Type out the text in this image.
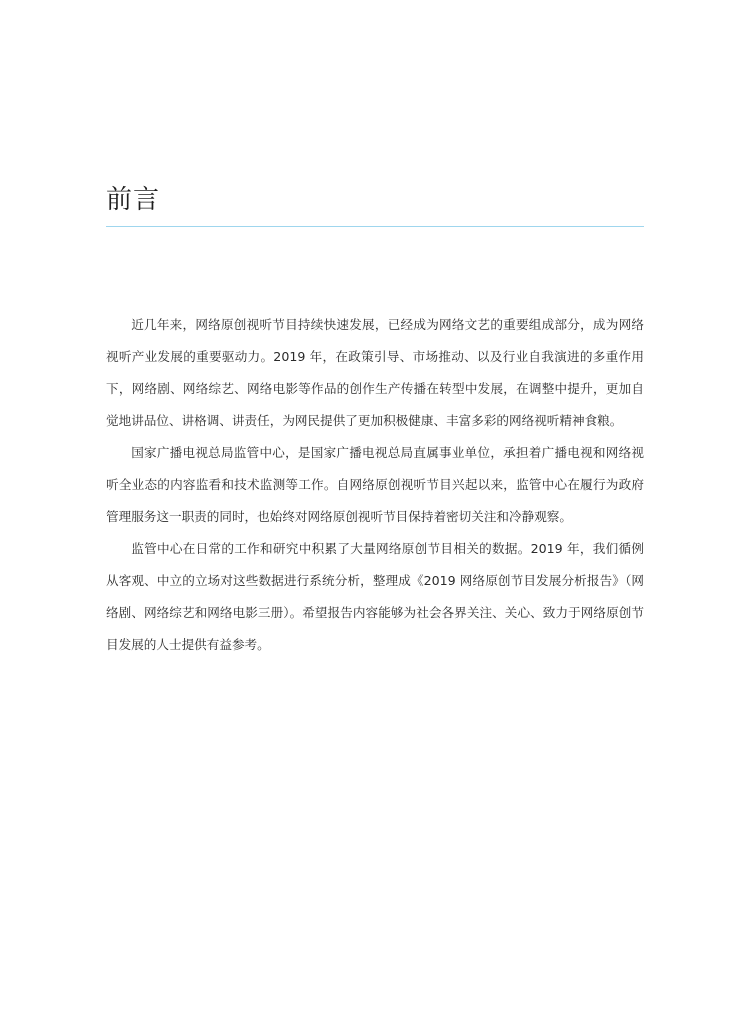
前言

近几年来，网络原创视听节目持续快速发展，已经成为网络文艺的重要组成部分，成为网络视听产业发展的重要驱动力。2019 年，在政策引导、市场推动、以及行业自我演进的多重作用下，网络剧、网络综艺、网络电影等作品的创作生产传播在转型中发展，在调整中提升，更加自觉地讲品位、讲格调、讲责任，为网民提供了更加积极健康、丰富多彩的网络视听精神食粮。

国家广播电视总局监管中心，是国家广播电视总局直属事业单位，承担着广播电视和网络视听全业态的内容监看和技术监测等工作。自网络原创视听节目兴起以来，监管中心在履行为政府管理服务这一职责的同时，也始终对网络原创视听节目保持着密切关注和冷静观察。

监管中心在日常的工作和研究中积累了大量网络原创节目相关的数据。2019 年，我们循例从客观、中立的立场对这些数据进行系统分析，整理成《2019 网络原创节目发展分析报告》（网络剧、网络综艺和网络电影三册）。希望报告内容能够为社会各界关注、关心、致力于网络原创节目发展的人士提供有益参考。
